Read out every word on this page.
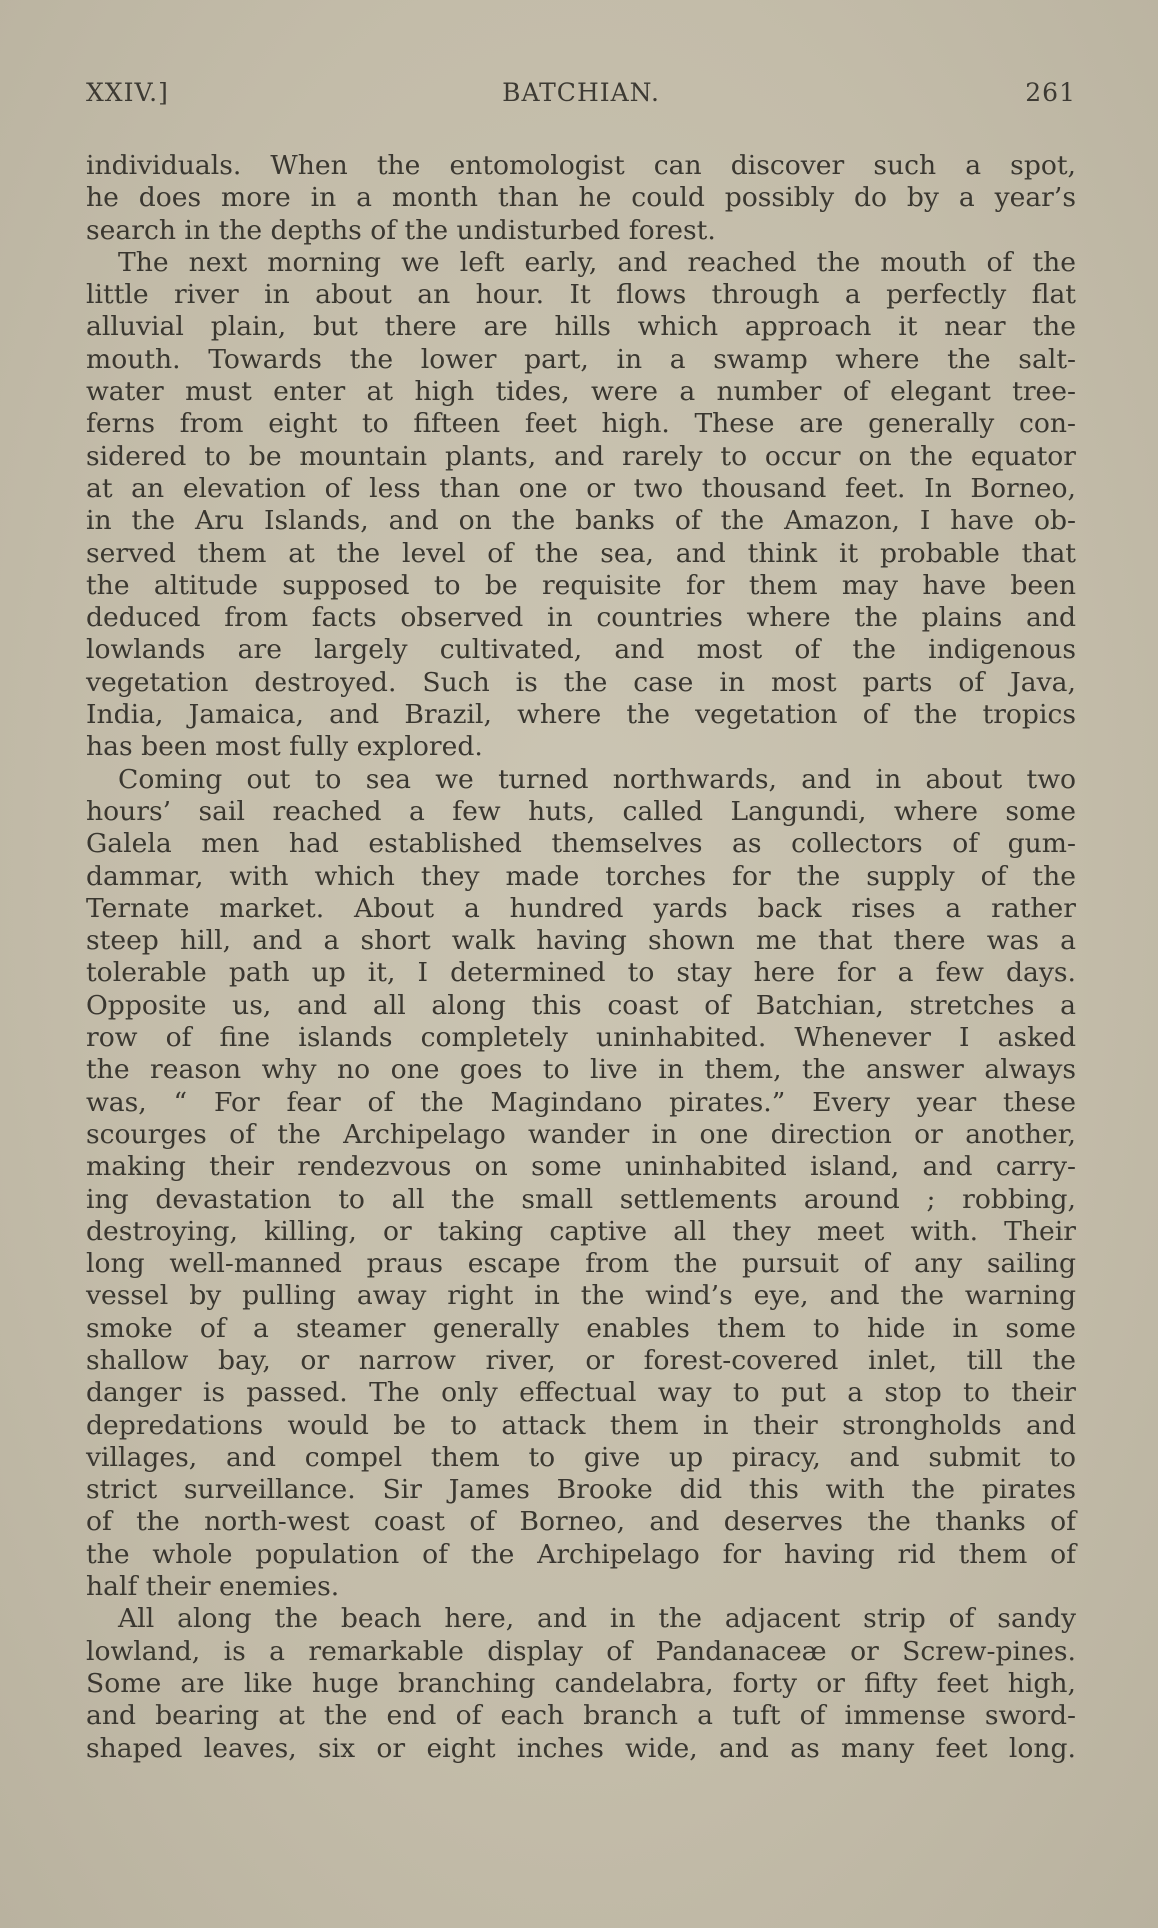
XXIV.]	BATCHIAN.	261
individuals. When the entomologist can discover such a spot,
he does more in a month than he could possibly do by a year’s
search in the depths of the undisturbed forest.
The next morning we left early, and reached the mouth of the
little river in about an hour. It flows through a perfectly flat
alluvial plain, but there are hills which approach it near the
mouth. Towards the lower part, in a swamp where the salt-
water must enter at high tides, were a number of elegant tree-
ferns from eight to fifteen feet high. These are generally con-
sidered to be mountain plants, and rarely to occur on the equator
at an elevation of less than one or two thousand feet. In Borneo,
in the Aru Islands, and on the banks of the Amazon, I have ob-
served them at the level of the sea, and think it probable that
the altitude supposed to be requisite for them may have been
deduced from facts observed in countries where the plains and
lowlands are largely cultivated, and most of the indigenous
vegetation destroyed. Such is the case in most parts of Java,
India, Jamaica, and Brazil, where the vegetation of the tropics
has been most fully explored.
Coming out to sea we turned northwards, and in about two
hours’ sail reached a few huts, called Langundi, where some
Galela men had established themselves as collectors of gum-
dammar, with which they made torches for the supply of the
Ternate market. About a hundred yards back rises a rather
steep hill, and a short walk having shown me that there was a
tolerable path up it, I determined to stay here for a few days.
Opposite us, and all along this coast of Batchian, stretches a
row of fine islands completely uninhabited. Whenever I asked
the reason why no one goes to live in them, the answer always
was, “ For fear of the Magindano pirates.” Every year these
scourges of the Archipelago wander in one direction or another,
making their rendezvous on some uninhabited island, and carry-
ing devastation to all the small settlements around ; robbing,
destroying, killing, or taking captive all they meet with. Their
long well-manned praus escape from the pursuit of any sailing
vessel by pulling away right in the wind’s eye, and the warning
smoke of a steamer generally enables them to hide in some
shallow bay, or narrow river, or forest-covered inlet, till the
danger is passed. The only effectual way to put a stop to their
depredations would be to attack them in their strongholds and
villages, and compel them to give up piracy, and submit to
strict surveillance. Sir James Brooke did this with the pirates
of the north-west coast of Borneo, and deserves the thanks of
the whole population of the Archipelago for having rid them of
half their enemies.
All along the beach here, and in the adjacent strip of sandy
lowland, is a remarkable display of Pandanaceæ or Screw-pines.
Some are like huge branching candelabra, forty or fifty feet high,
and bearing at the end of each branch a tuft of immense sword-
shaped leaves, six or eight inches wide, and as many feet long.
